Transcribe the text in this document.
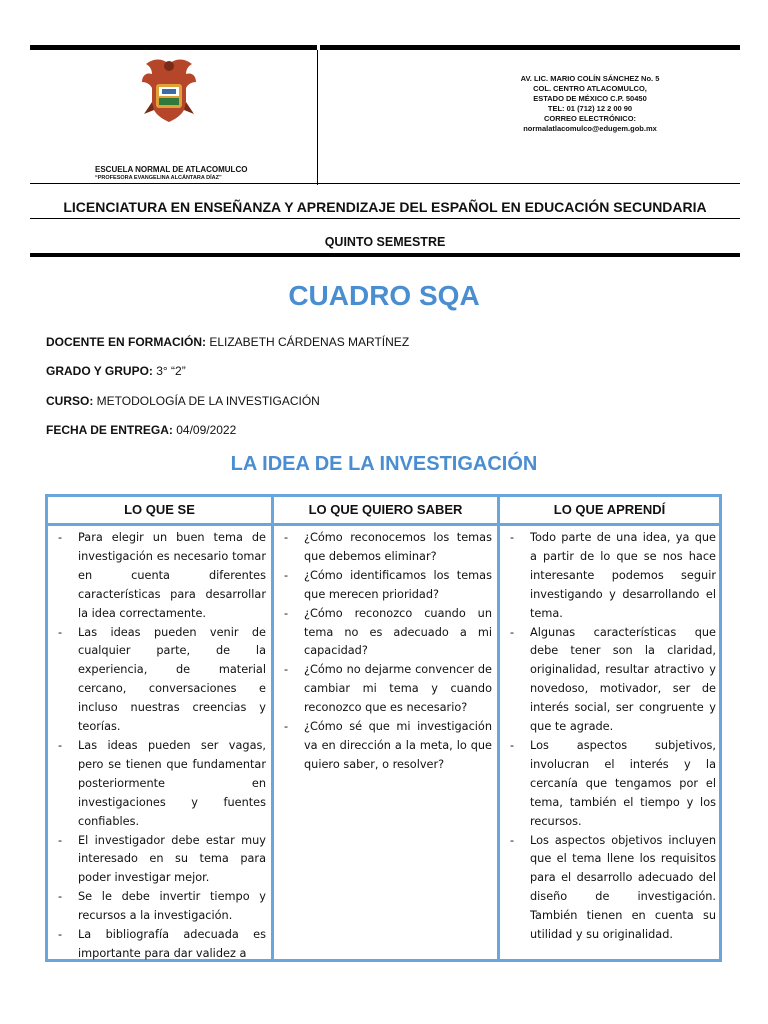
ESCUELA NORMAL DE ATLACOMULCO
“PROFESORA EVANGELINA ALCÁNTARA DÍAZ”
AV. LIC. MARIO COLÍN SÁNCHEZ No. 5
COL. CENTRO ATLACOMULCO,
ESTADO DE MÉXICO C.P. 50450
TEL: 01 (712) 12 2 00 90
CORREO ELECTRÓNICO:
normalatlacomulco@edugem.gob.mx
LICENCIATURA EN ENSEÑANZA Y APRENDIZAJE DEL ESPAÑOL EN EDUCACIÓN SECUNDARIA
QUINTO SEMESTRE
CUADRO SQA
DOCENTE EN FORMACIÓN: ELIZABETH CÁRDENAS MARTÍNEZ
GRADO Y GRUPO: 3° “2”
CURSO: METODOLOGÍA DE LA INVESTIGACIÓN
FECHA DE ENTREGA: 04/09/2022
LA IDEA DE LA INVESTIGACIÓN
LO QUE SE	LO QUE QUIERO SABER	LO QUE APRENDÍ
- Para elegir un buen tema de investigación es necesario tomar en cuenta diferentes características para desarrollar la idea correctamente.
- Las ideas pueden venir de cualquier parte, de la experiencia, de material cercano, conversaciones e incluso nuestras creencias y teorías.
- Las ideas pueden ser vagas, pero se tienen que fundamentar posteriormente en investigaciones y fuentes confiables.
- El investigador debe estar muy interesado en su tema para poder investigar mejor.
- Se le debe invertir tiempo y recursos a la investigación.
- La bibliografía adecuada es importante para dar validez a
- ¿Cómo reconocemos los temas que debemos eliminar?
- ¿Cómo identificamos los temas que merecen prioridad?
- ¿Cómo reconozco cuando un tema no es adecuado a mi capacidad?
- ¿Cómo no dejarme convencer de cambiar mi tema y cuando reconozco que es necesario?
- ¿Cómo sé que mi investigación va en dirección a la meta, lo que quiero saber, o resolver?
- Todo parte de una idea, ya que a partir de lo que se nos hace interesante podemos seguir investigando y desarrollando el tema.
- Algunas características que debe tener son la claridad, originalidad, resultar atractivo y novedoso, motivador, ser de interés social, ser congruente y que te agrade.
- Los aspectos subjetivos, involucran el interés y la cercanía que tengamos por el tema, también el tiempo y los recursos.
- Los aspectos objetivos incluyen que el tema llene los requisitos para el desarrollo adecuado del diseño de investigación. También tienen en cuenta su utilidad y su originalidad.
